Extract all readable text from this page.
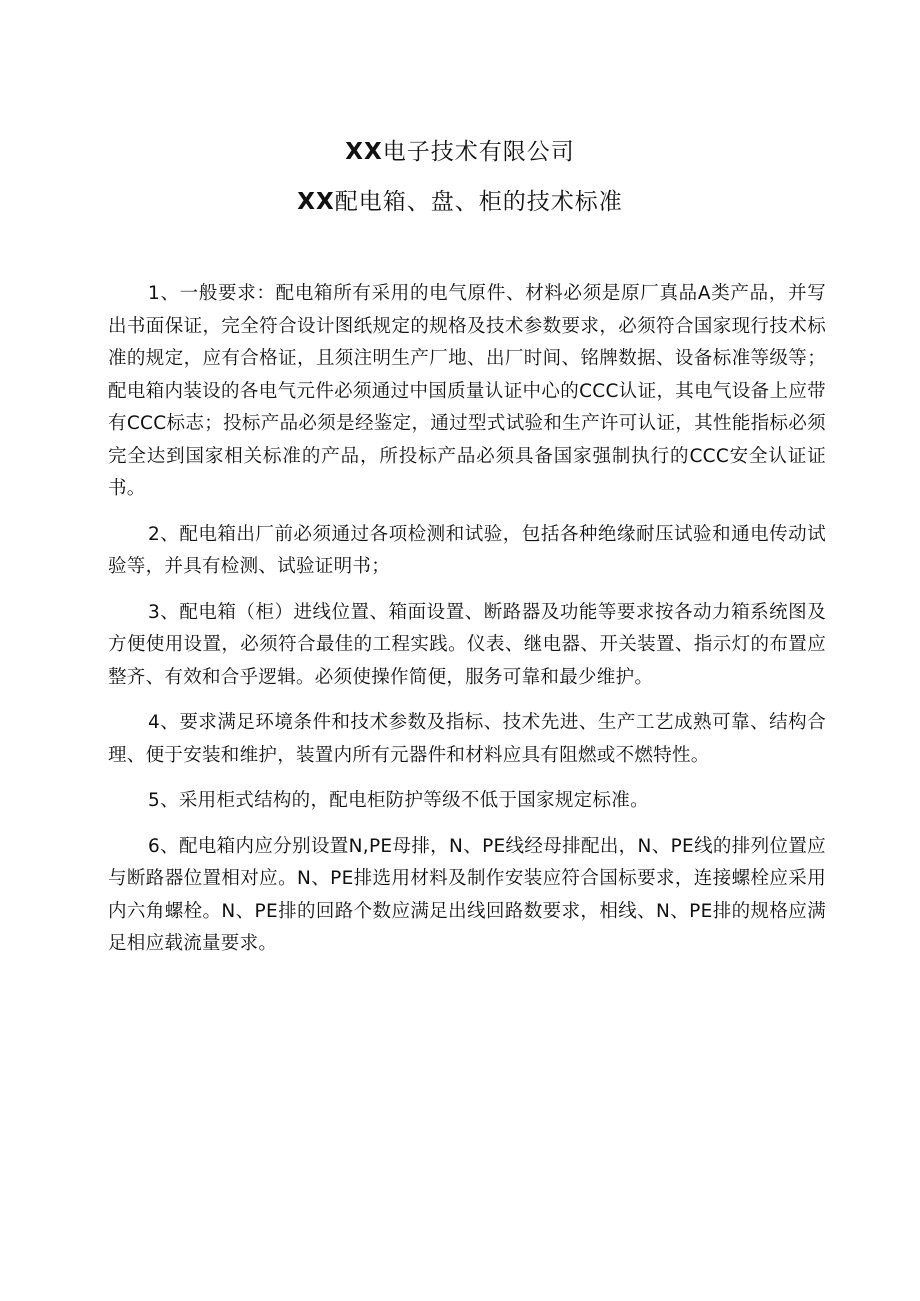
XX电子技术有限公司
XX配电箱、盘、柜的技术标准

1、一般要求：配电箱所有采用的电气原件、材料必须是原厂真品A类产品，并写出书面保证，完全符合设计图纸规定的规格及技术参数要求，必须符合国家现行技术标准的规定，应有合格证，且须注明生产厂地、出厂时间、铭牌数据、设备标准等级等；配电箱内装设的各电气元件必须通过中国质量认证中心的CCC认证，其电气设备上应带有CCC标志；投标产品必须是经鉴定，通过型式试验和生产许可认证，其性能指标必须完全达到国家相关标准的产品，所投标产品必须具备国家强制执行的CCC安全认证证书。

2、配电箱出厂前必须通过各项检测和试验，包括各种绝缘耐压试验和通电传动试验等，并具有检测、试验证明书；

3、配电箱（柜）进线位置、箱面设置、断路器及功能等要求按各动力箱系统图及方便使用设置，必须符合最佳的工程实践。仪表、继电器、开关装置、指示灯的布置应整齐、有效和合乎逻辑。必须使操作简便，服务可靠和最少维护。

4、要求满足环境条件和技术参数及指标、技术先进、生产工艺成熟可靠、结构合理、便于安装和维护，装置内所有元器件和材料应具有阻燃或不燃特性。

5、采用柜式结构的，配电柜防护等级不低于国家规定标准。

6、配电箱内应分别设置N,PE母排，N、PE线经母排配出，N、PE线的排列位置应与断路器位置相对应。N、PE排选用材料及制作安装应符合国标要求，连接螺栓应采用内六角螺栓。N、PE排的回路个数应满足出线回路数要求，相线、N、PE排的规格应满足相应载流量要求。
